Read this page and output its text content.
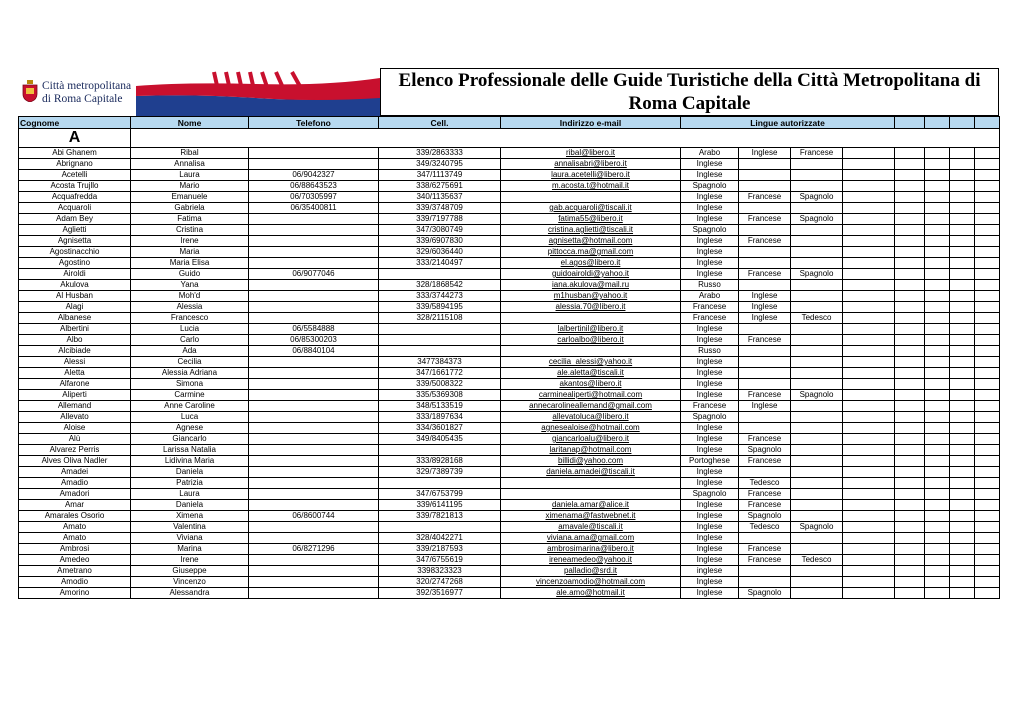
Città metropolitana
di Roma Capitale
Elenco Professionale delle Guide Turistiche della Città Metropolitana di
Roma Capitale
Cognome	Nome	Telefono	Cell.	Indirizzo e-mail	Lingue autorizzate							
A												
Abi Ghanem	Ribal		339/2863333	ribal@libero.it	Arabo	Inglese	Francese					
Abrignano	Annalisa		349/3240795	annalisabri@libero.it	Inglese							
Acetelli	Laura	06/9042327	347/1113749	laura.acetelli@libero.it	Inglese							
Acosta Trujllo	Mario	06/88643523	338/6275691	m.acosta.t@hotmail.it	Spagnolo							
Acquafredda	Emanuele	06/70305997	340/1135637		Inglese	Francese	Spagnolo					
Acquaroli	Gabriela	06/35400811	339/3748709	gab.acquaroli@tiscali.it	Inglese							
Adam Bey	Fatima		339/7197788	fatima55@libero.it	Inglese	Francese	Spagnolo					
Aglietti	Cristina		347/3080749	cristina.aglietti@tiscali.it	Spagnolo							
Agnisetta	Irene		339/6907830	agnisetta@hotmail.com	Inglese	Francese						
Agostinacchio	Maria		329/6036440	pittocca.ma@gmail.com	Inglese							
Agostino	Maria Elisa		333/2140497	el.agos@libero.it	Inglese							
Airoldi	Guido	06/9077046		guidoairoldi@yahoo.it	Inglese	Francese	Spagnolo					
Akulova	Yana		328/1868542	iana.akulova@mail.ru	Russo							
Al Husban	Moh'd		333/3744273	m1husban@yahoo.it	Arabo	Inglese						
Alagi	Alessia		339/5894195	alessia.70@libero.it	Francese	Inglese						
Albanese	Francesco		328/2115108		Francese	Inglese	Tedesco					
Albertini	Lucia	06/5584888		lalbertinil@libero.it	Inglese							
Albo	Carlo	06/85300203		carloalbo@libero.it	Inglese	Francese						
Alcibiade	Ada	06/8840104			Russo							
Alessi	Cecilia		3477384373	cecilia_alessi@yahoo.it	Inglese							
Aletta	Alessia Adriana		347/1661772	ale.aletta@tiscali.it	Inglese							
Alfarone	Simona		339/5008322	akantos@libero.it	Inglese							
Aliperti	Carmine		335/5369308	carminealiperti@hotmail.com	Inglese	Francese	Spagnolo					
Allemand	Anne Caroline		348/5133519	annecarolineallemand@gmail.com	Francese	Inglese						
Allevato	Luca		333/1897634	allevatoluca@libero.it	Spagnolo							
Aloise	Agnese		334/3601827	agnesealoise@hotmail.com	Inglese							
Alù	Giancarlo		349/8405435	giancarloalu@libero.it	Inglese	Francese						
Alvarez Perris	Larissa Natalia			laritanap@hotmail.com	Inglese	Spagnolo						
Alves Oliva Nadler	Lidivina Maria		333/8928168	billidi@yahoo.com	Portoghese	Francese						
Amadei	Daniela		329/7389739	daniela.amadei@tiscali.it	Inglese							
Amadio	Patrizia				Inglese	Tedesco						
Amadori	Laura		347/6753799		Spagnolo	Francese						
Amar	Daniela		339/6141195	daniela.amar@alice.it	Inglese	Francese						
Amarales Osorio	Ximena	06/8600744	339/7821813	ximenama@fastwebnet.it	Inglese	Spagnolo						
Amato	Valentina			amavale@tiscali.it	Inglese	Tedesco	Spagnolo					
Amato	Viviana		328/4042271	viviana.ama@gmail.com	Inglese							
Ambrosi	Marina	06/8271296	339/2187593	ambrosimarina@libero.it	Inglese	Francese						
Amedeo	Irene		347/6755619	ireneamedeo@yahoo.it	Inglese	Francese	Tedesco					
Ametrano	Giuseppe		3398323323	palladio@srd.it	inglese							
Amodio	Vincenzo		320/2747268	vincenzoamodio@hotmail.com	Inglese							
Amorino	Alessandra		392/3516977	ale.amo@hotmail.it	Inglese	Spagnolo						
